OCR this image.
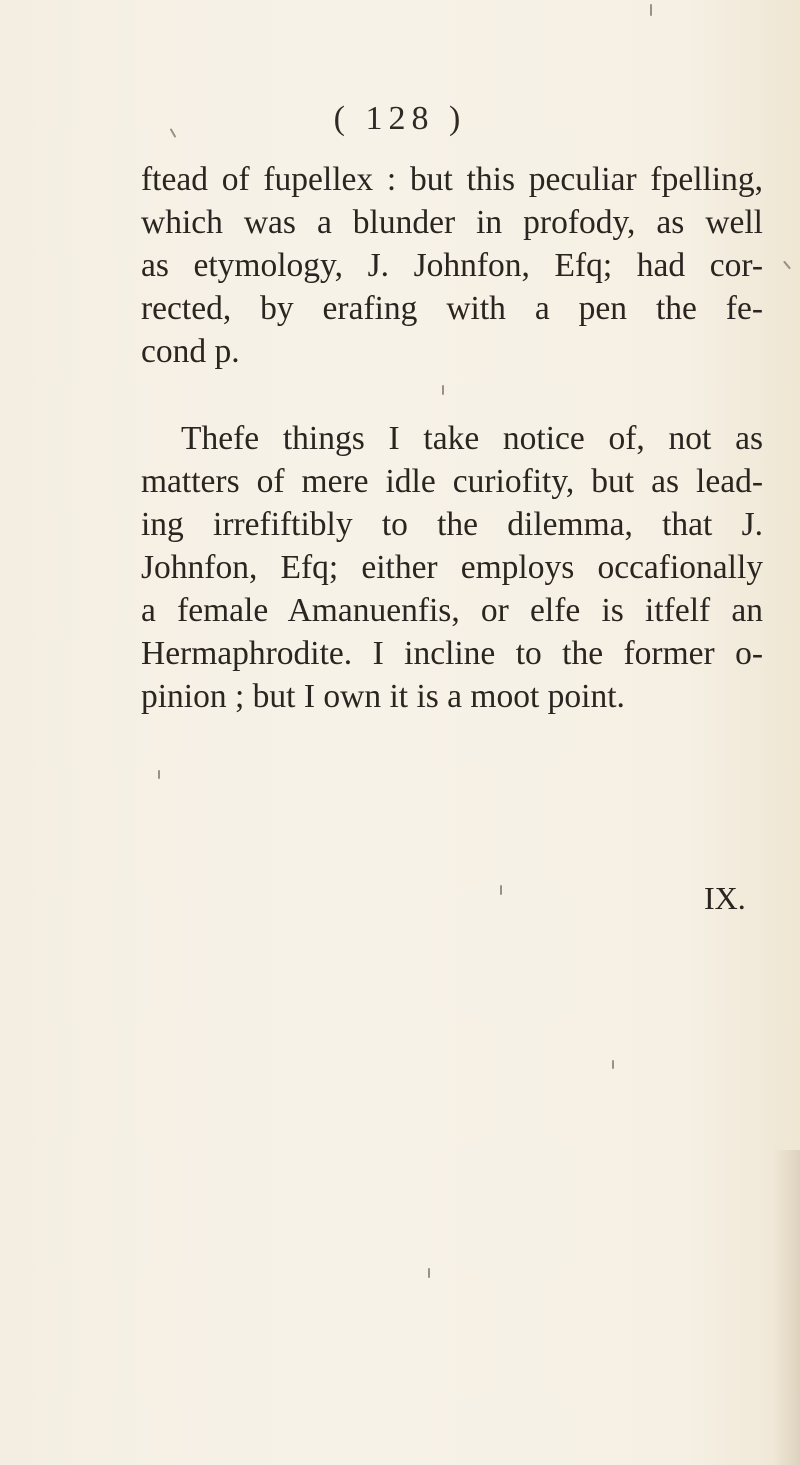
( 128 )
ftead of fupellex : but this peculiar fpelling,
which was a blunder in profody, as well
as etymology, J. Johnfon, Efq; had cor-
rected, by erafing with a pen the fe-
cond p.
Thefe things I take notice of, not as
matters of mere idle curiofity, but as lead-
ing irrefiftibly to the dilemma, that J.
Johnfon, Efq; either employs occafionally
a female Amanuenfis, or elfe is itfelf an
Hermaphrodite. I incline to the former o-
pinion ; but I own it is a moot point.
IX.
